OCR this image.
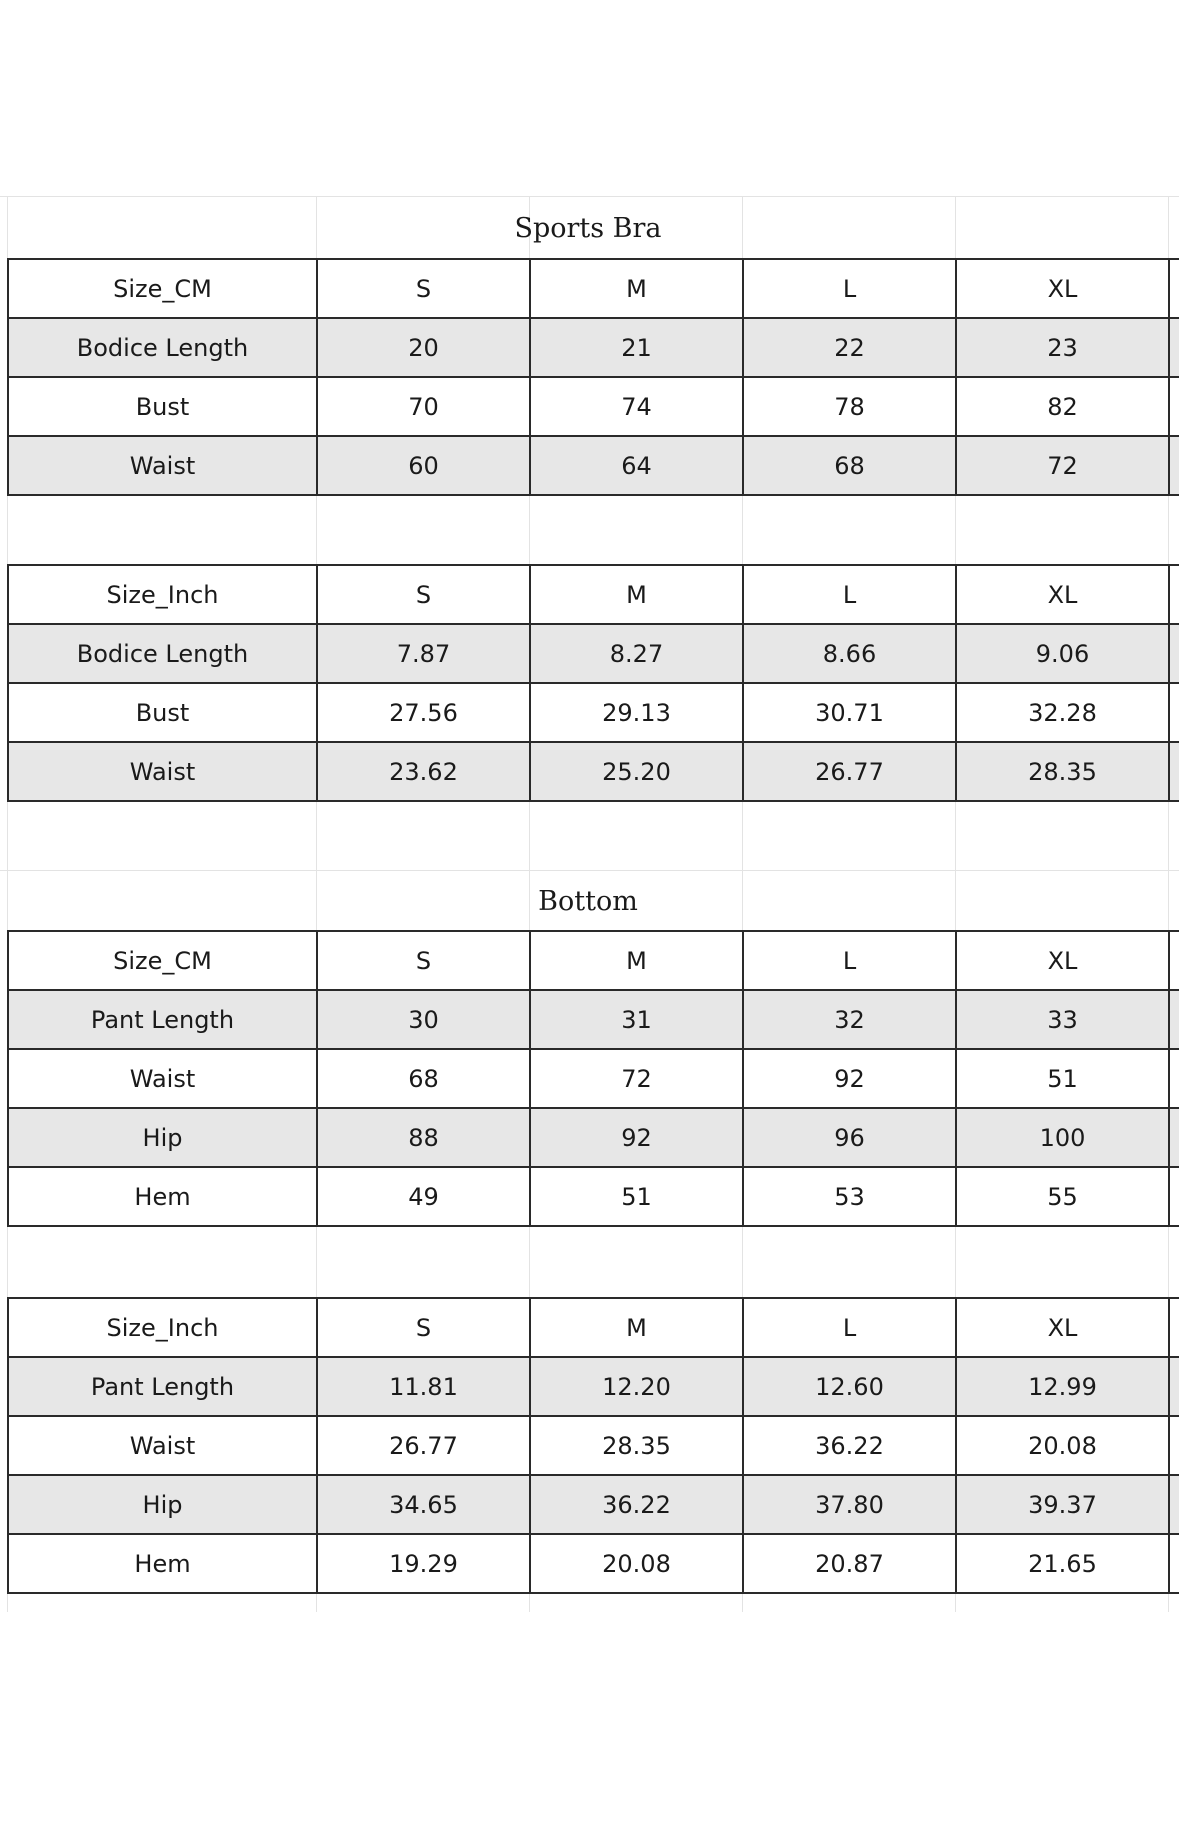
Sports Bra
Size_CM	S	M	L	XL	
Bodice Length	20	21	22	23	
Bust	70	74	78	82	
Waist	60	64	68	72	
Size_Inch	S	M	L	XL	
Bodice Length	7.87	8.27	8.66	9.06	
Bust	27.56	29.13	30.71	32.28	
Waist	23.62	25.20	26.77	28.35	
Bottom
Size_CM	S	M	L	XL	
Pant Length	30	31	32	33	
Waist	68	72	92	51	
Hip	88	92	96	100	
Hem	49	51	53	55	
Size_Inch	S	M	L	XL	
Pant Length	11.81	12.20	12.60	12.99	
Waist	26.77	28.35	36.22	20.08	
Hip	34.65	36.22	37.80	39.37	
Hem	19.29	20.08	20.87	21.65	
